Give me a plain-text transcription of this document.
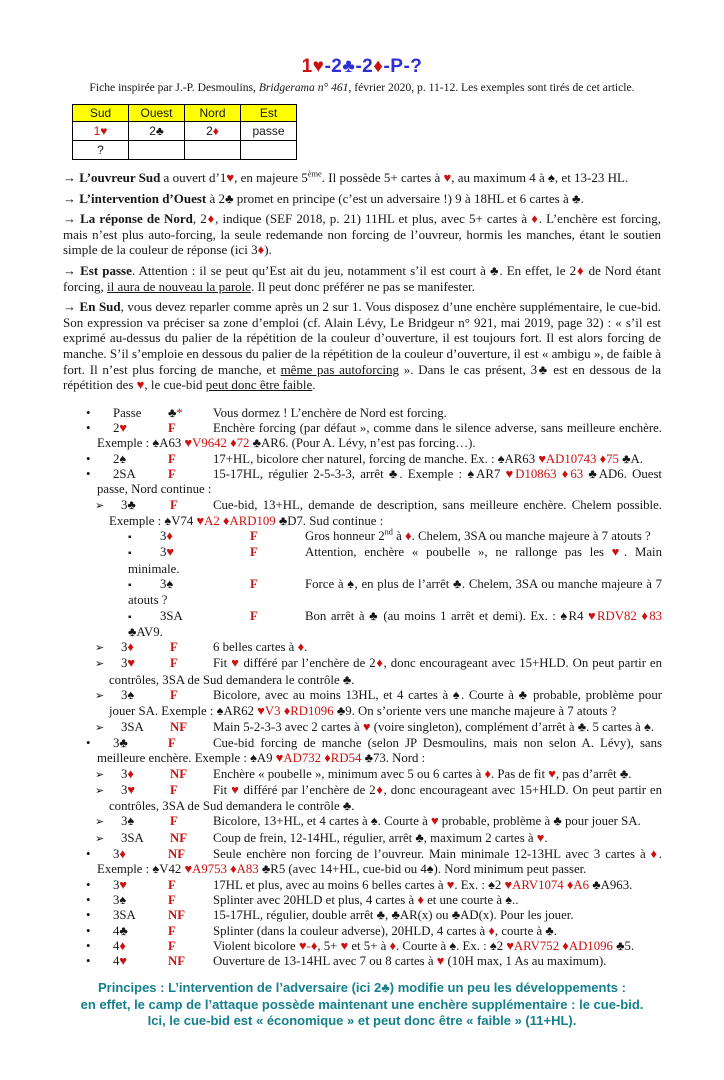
1♥-2♣-2♦-P-?
Fiche inspirée par J.-P. Desmoulins, Bridgerama n° 461, février 2020, p. 11-12. Les exemples sont tirés de cet article.
Sud	Ouest	Nord	Est
1♥	2♣	2♦	passe
?			

→ L’ouvreur Sud a ouvert d’1♥, en majeure 5ème. Il possède 5+ cartes à ♥, au maximum 4 à ♠, et 13-23 HL.

→ L’intervention d’Ouest à 2♣ promet en principe (c’est un adversaire !) 9 à 18HL et 6 cartes à ♣.

→ La réponse de Nord, 2♦, indique (SEF 2018, p. 21) 11HL et plus, avec 5+ cartes à ♦. L’enchère est forcing, mais n’est plus auto-forcing, la seule redemande non forcing de l’ouvreur, hormis les manches, étant le soutien simple de la couleur de réponse (ici 3♦).

→ Est passe. Attention : il se peut qu’Est ait du jeu, notamment s’il est court à ♣. En effet, le 2♦ de Nord étant forcing, il aura de nouveau la parole. Il peut donc préférer ne pas se manifester.

→ En Sud, vous devez reparler comme après un 2 sur 1. Vous disposez d’une enchère supplémentaire, le cue-bid. Son expression va préciser sa zone d’emploi (cf. Alain Lévy, Le Bridgeur n° 921, mai 2019, page 32) : « s’il est exprimé au-dessus du palier de la répétition de la couleur d’ouverture, il est toujours fort. Il est alors forcing de manche. S’il s’emploie en dessous du palier de la répétition de la couleur d’ouverture, il est « ambigu », de faible à fort. Il n’est plus forcing de manche, et même pas autoforcing ». Dans le cas présent, 3♣ est en dessous de la répétition des ♥, le cue-bid peut donc être faible.

• Passe ♣* Vous dormez ! L’enchère de Nord est forcing.
• 2♥	F	Enchère forcing (par défaut », comme dans le silence adverse, sans meilleure enchère. Exemple : ♠A63 ♥V9642 ♦72 ♣AR6. (Pour A. Lévy, n’est pas forcing…).
• 2♠	F	17+HL, bicolore cher naturel, forcing de manche. Ex. : ♠AR63 ♥AD10743 ♦75 ♣A.
• 2SA	F	15-17HL, régulier 2-5-3-3, arrêt ♣. Exemple : ♠AR7 ♥D10863 ♦63 ♣AD6. Ouest passe, Nord continue :
➢ 3♣	F	Cue-bid, 13+HL, demande de description, sans meilleure enchère. Chelem possible. Exemple : ♠V74 ♥A2 ♦ARD109 ♣D7. Sud continue :
▪ 3♦	F	Gros honneur 2nd à ♦. Chelem, 3SA ou manche majeure à 7 atouts ?
▪ 3♥	F	Attention, enchère « poubelle », ne rallonge pas les ♥. Main minimale.
▪ 3♠	F	Force à ♠, en plus de l’arrêt ♣. Chelem, 3SA ou manche majeure à 7 atouts ?
▪ 3SA	F	Bon arrêt à ♣ (au moins 1 arrêt et demi). Ex. : ♠R4 ♥RDV82 ♦83 ♣AV9.
➢ 3♦	F	6 belles cartes à ♦.
➢ 3♥	F	Fit ♥ différé par l’enchère de 2♦, donc encourageant avec 15+HLD. On peut partir en contrôles, 3SA de Sud demandera le contrôle ♣.
➢ 3♠	F	Bicolore, avec au moins 13HL, et 4 cartes à ♠. Courte à ♣ probable, problème pour jouer SA. Exemple : ♠AR62 ♥V3 ♦RD1096 ♣9. On s’oriente vers une manche majeure à 7 atouts ?
➢ 3SA NF Main 5-2-3-3 avec 2 cartes à ♥ (voire singleton), complément d’arrêt à ♣. 5 cartes à ♠.
• 3♣	F	Cue-bid forcing de manche (selon JP Desmoulins, mais non selon A. Lévy), sans meilleure enchère. Exemple : ♠A9 ♥AD732 ♦RD54 ♣73. Nord :
➢ 3♦	NF Enchère « poubelle », minimum avec 5 ou 6 cartes à ♦. Pas de fit ♥, pas d’arrêt ♣.
➢ 3♥	F	Fit ♥ différé par l’enchère de 2♦, donc encourageant avec 15+HLD. On peut partir en contrôles, 3SA de Sud demandera le contrôle ♣.
➢ 3♠	F	Bicolore, 13+HL, et 4 cartes à ♠. Courte à ♥ probable, problème à ♣ pour jouer SA.
➢ 3SA NF Coup de frein, 12-14HL, régulier, arrêt ♣, maximum 2 cartes à ♥.
• 3♦	NF Seule enchère non forcing de l’ouvreur. Main minimale 12-13HL avec 3 cartes à ♦. Exemple : ♠V42 ♥A9753 ♦A83 ♣R5 (avec 14+HL, cue-bid ou 4♠). Nord minimum peut passer.
• 3♥	F	17HL et plus, avec au moins 6 belles cartes à ♥. Ex. : ♠2 ♥ARV1074 ♦A6 ♣A963.
• 3♠	F	Splinter avec 20HLD et plus, 4 cartes à ♦ et une courte à ♠..
• 3SA	NF 15-17HL, régulier, double arrêt ♣, ♣AR(x) ou ♣AD(x). Pour les jouer.
• 4♣	F	Splinter (dans la couleur adverse), 20HLD, 4 cartes à ♦, courte à ♣.
• 4♦	F	Violent bicolore ♥-♦, 5+ ♥ et 5+ à ♦. Courte à ♠. Ex. : ♠2 ♥ARV752 ♦AD1096 ♣5.
• 4♥	NF Ouverture de 13-14HL avec 7 ou 8 cartes à ♥ (10H max, 1 As au maximum).
Principes : L’intervention de l’adversaire (ici 2♣) modifie un peu les développements :
en effet, le camp de l’attaque possède maintenant une enchère supplémentaire : le cue-bid.
Ici, le cue-bid est « économique » et peut donc être « faible » (11+HL).
